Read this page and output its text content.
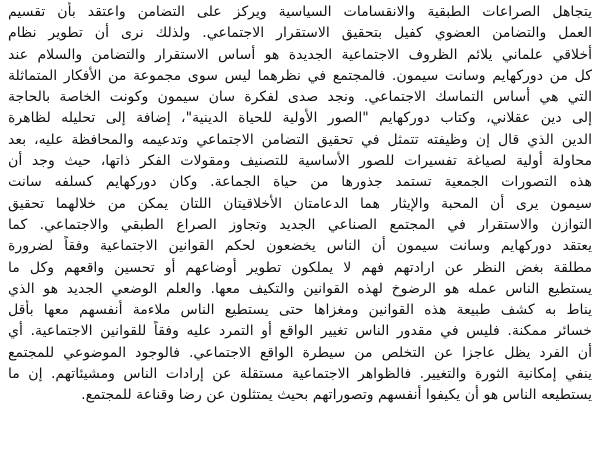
يتجاهل الصراعات الطبقية والانقسامات السياسية ويركز على التضامن واعتقد بأن تقسيم
العمل والتضامن العضوي كفيل بتحقيق الاستقرار الاجتماعي. ولذلك نرى أن تطوير نظام
أخلاقي علماني يلائم الظروف الاجتماعية الجديدة هو أساس الاستقرار والتضامن والسلام عند
كل من دوركهايم وسانت سيمون. فالمجتمع في نظرهما ليس سوى مجموعة من الأفكار المتماثلة
التي هي أساس التماسك الاجتماعي. ونجد صدى لفكرة سان سيمون وكونت الخاصة بالحاجة
إلى دين عقلاني، وكتاب دوركهايم "الصور الأولية للحياة الدينية"، إضافة إلى تحليله لظاهرة
الدين الذي قال إن وظيفته تتمثل في تحقيق التضامن الاجتماعي وتدعيمه والمحافظة عليه، بعد
محاولة أولية لصياغة تفسيرات للصور الأساسية للتصنيف ومقولات الفكر ذاتها، حيث وجد أن
هذه التصورات الجمعية تستمد جذورها من حياة الجماعة. وكان دوركهايم كسلفه سانت
سيمون يرى أن المحبة والإيثار هما الدعامتان الأخلاقيتان اللتان يمكن من خلالهما تحقيق
التوازن والاستقرار في المجتمع الصناعي الجديد وتجاوز الصراع الطبقي والاجتماعي. كما
يعتقد دوركهايم وسانت سيمون أن الناس يخضعون لحكم القوانين الاجتماعية وفقاً لضرورة
مطلقة بغض النظر عن ارادتهم فهم لا يملكون تطوير أوضاعهم أو تحسين واقعهم وكل ما
يستطيع الناس عمله هو الرضوخ لهذه القوانين والتكيف معها. والعلم الوضعي الجديد هو الذي
يناط به كشف طبيعة هذه القوانين ومغزاها حتى يستطيع الناس ملاءمة أنفسهم معها بأقل
خسائر ممكنة. فليس في مقدور الناس تغيير الواقع أو التمرد عليه وفقاً للقوانين الاجتماعية. أي
أن الفرد يظل عاجزا عن التخلص من سيطرة الواقع الاجتماعي. فالوجود الموضوعي للمجتمع
ينفي إمكانية الثورة والتغيير. فالظواهر الاجتماعية مستقلة عن إرادات الناس ومشيئاتهم. إن ما
يستطيعه الناس هو أن يكيفوا أنفسهم وتصوراتهم بحيث يمتثلون عن رضا وقناعة للمجتمع.
